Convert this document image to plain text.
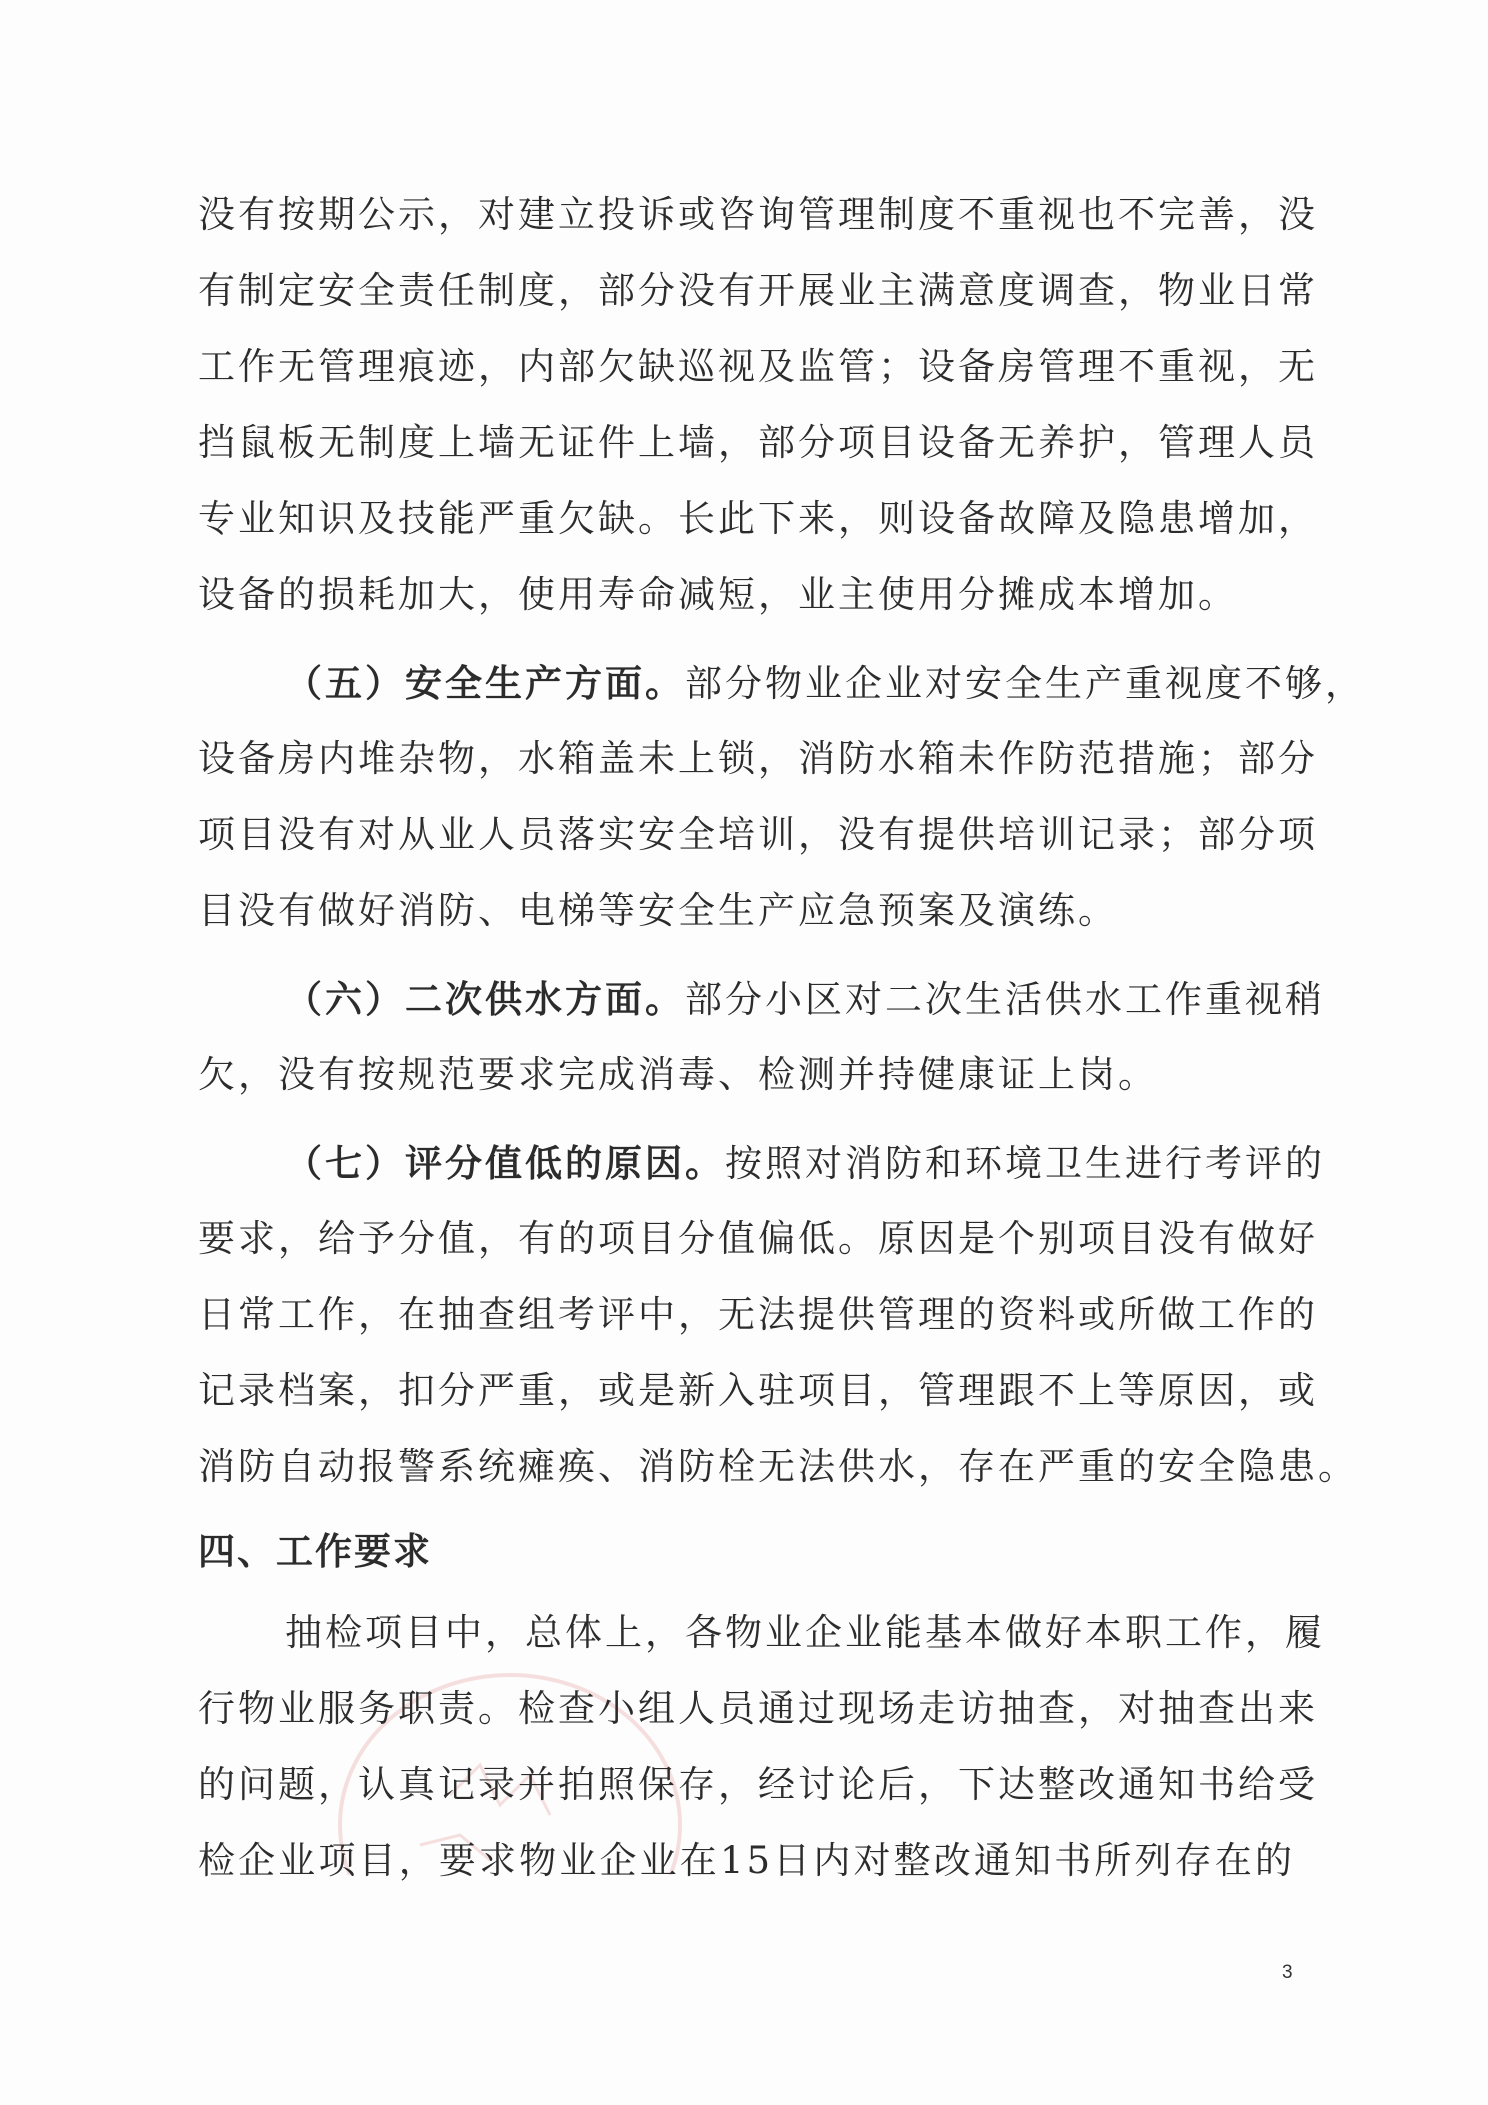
没有按期公示，对建立投诉或咨询管理制度不重视也不完善，没
有制定安全责任制度，部分没有开展业主满意度调查，物业日常
工作无管理痕迹，内部欠缺巡视及监管；设备房管理不重视，无
挡鼠板无制度上墙无证件上墙，部分项目设备无养护，管理人员
专业知识及技能严重欠缺。长此下来，则设备故障及隐患增加，
设备的损耗加大，使用寿命减短，业主使用分摊成本增加。
（五）安全生产方面。部分物业企业对安全生产重视度不够，
设备房内堆杂物，水箱盖未上锁，消防水箱未作防范措施；部分
项目没有对从业人员落实安全培训，没有提供培训记录；部分项
目没有做好消防、电梯等安全生产应急预案及演练。
（六）二次供水方面。部分小区对二次生活供水工作重视稍
欠，没有按规范要求完成消毒、检测并持健康证上岗。
（七）评分值低的原因。按照对消防和环境卫生进行考评的
要求，给予分值，有的项目分值偏低。原因是个别项目没有做好
日常工作，在抽查组考评中，无法提供管理的资料或所做工作的
记录档案，扣分严重，或是新入驻项目，管理跟不上等原因，或
消防自动报警系统瘫痪、消防栓无法供水，存在严重的安全隐患。
四、工作要求
抽检项目中，总体上，各物业企业能基本做好本职工作，履
行物业服务职责。检查小组人员通过现场走访抽查，对抽查出来
的问题，认真记录并拍照保存，经讨论后，下达整改通知书给受
检企业项目，要求物业企业在15日内对整改通知书所列存在的
3
